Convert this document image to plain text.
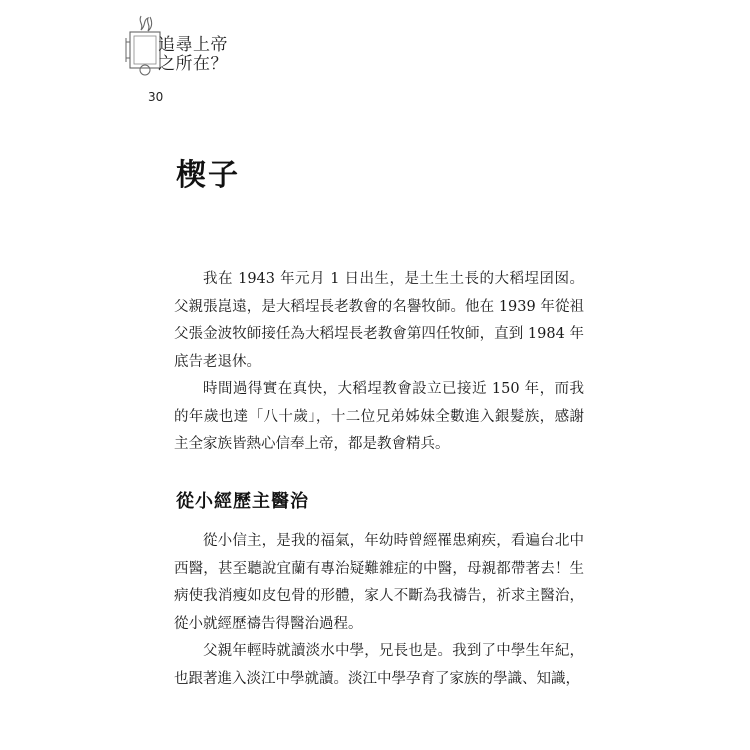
追尋上帝
之所在？
30
楔子

我在 1943 年元月 1 日出生，是土生土長的大稻埕囝囡。父親張崑遠，是大稻埕長老教會的名譽牧師。他在 1939 年從祖父張金波牧師接任為大稻埕長老教會第四任牧師，直到 1984 年底告老退休。

時間過得實在真快，大稻埕教會設立已接近 150 年，而我的年歲也達「八十歲」，十二位兄弟姊妹全數進入銀髮族，感謝主全家族皆熱心信奉上帝，都是教會精兵。

從小經歷主醫治

從小信主，是我的福氣，年幼時曾經罹患痢疾，看遍台北中西醫，甚至聽說宜蘭有專治疑難雜症的中醫，母親都帶著去！生病使我消瘦如皮包骨的形體，家人不斷為我禱告，祈求主醫治，從小就經歷禱告得醫治過程。

父親年輕時就讀淡水中學，兄長也是。我到了中學生年紀，也跟著進入淡江中學就讀。淡江中學孕育了家族的學識、知識，
